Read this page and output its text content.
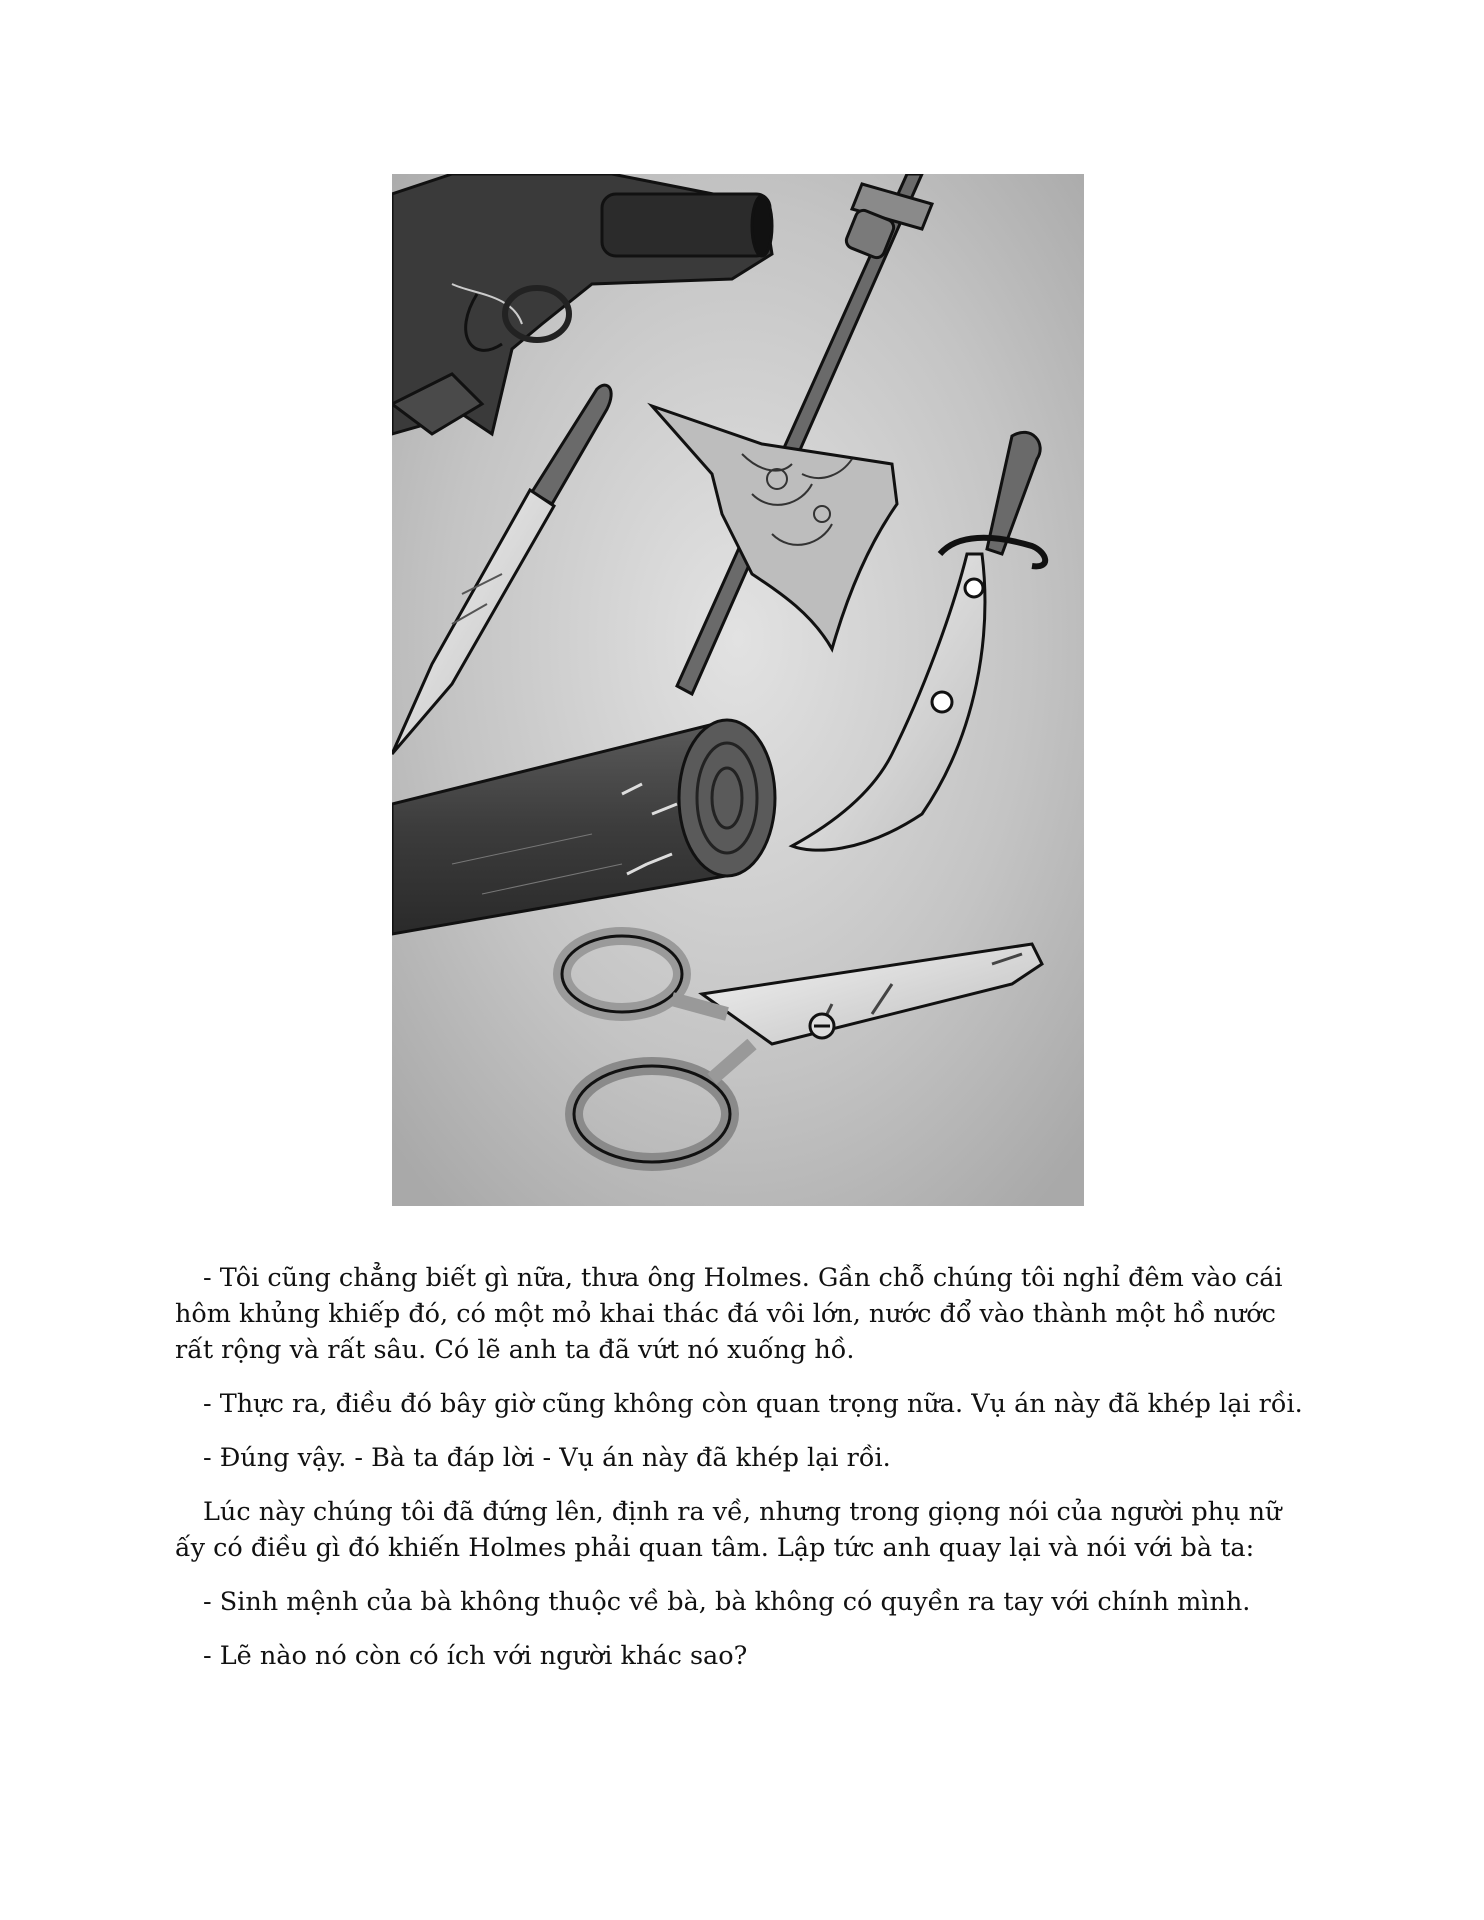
- Tôi cũng chẳng biết gì nữa, thưa ông Holmes. Gần chỗ chúng tôi nghỉ đêm vào cái hôm khủng khiếp đó, có một mỏ khai thác đá vôi lớn, nước đổ vào thành một hồ nước rất rộng và rất sâu. Có lẽ anh ta đã vứt nó xuống hồ.

- Thực ra, điều đó bây giờ cũng không còn quan trọng nữa. Vụ án này đã khép lại rồi.

- Đúng vậy. - Bà ta đáp lời - Vụ án này đã khép lại rồi.

Lúc này chúng tôi đã đứng lên, định ra về, nhưng trong giọng nói của người phụ nữ ấy có điều gì đó khiến Holmes phải quan tâm. Lập tức anh quay lại và nói với bà ta:

- Sinh mệnh của bà không thuộc về bà, bà không có quyền ra tay với chính mình.

- Lẽ nào nó còn có ích với người khác sao?
